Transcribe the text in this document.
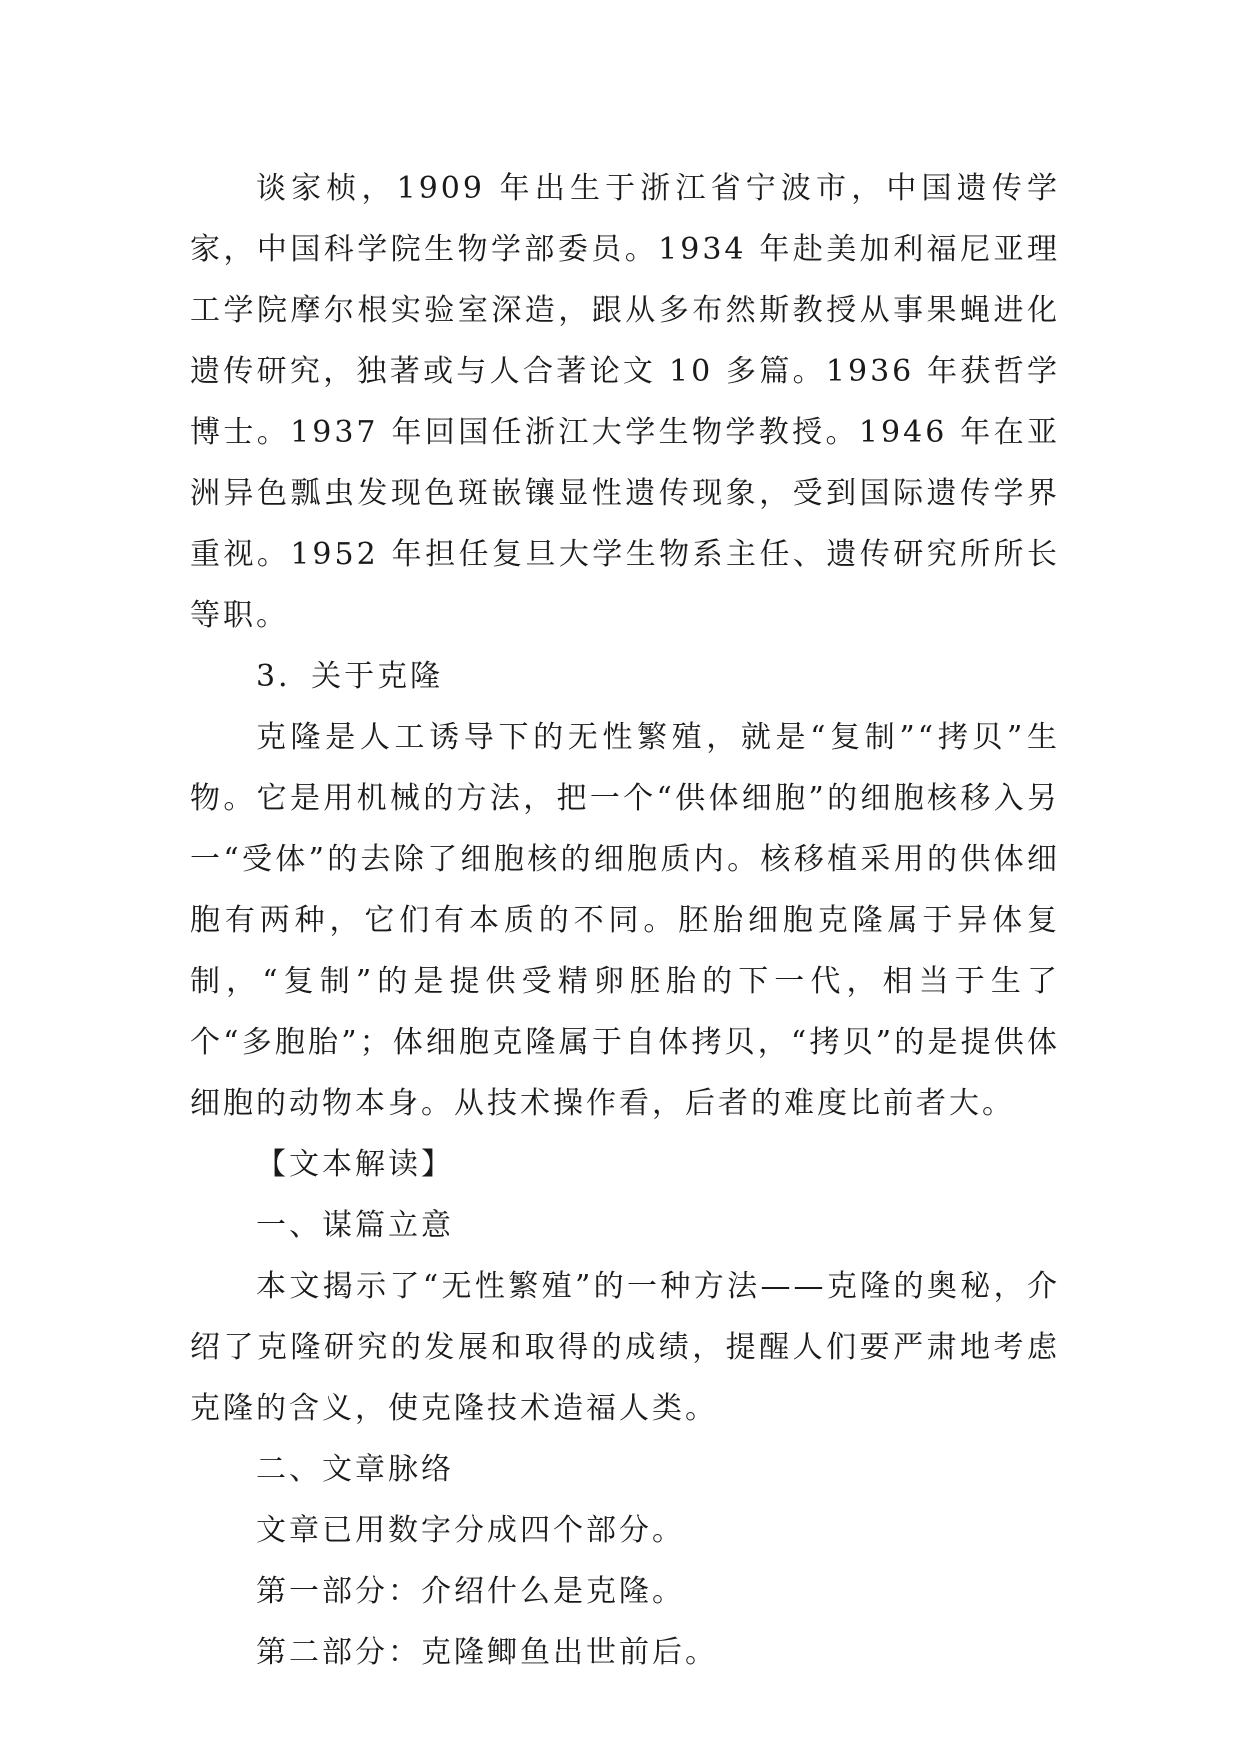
谈家桢，1909 年出生于浙江省宁波市，中国遗传学家，中国科学院生物学部委员。1934 年赴美加利福尼亚理工学院摩尔根实验室深造，跟从多布然斯教授从事果蝇进化遗传研究，独著或与人合著论文 10 多篇。1936 年获哲学博士。1937 年回国任浙江大学生物学教授。1946 年在亚洲异色瓢虫发现色斑嵌镶显性遗传现象，受到国际遗传学界重视。1952 年担任复旦大学生物系主任、遗传研究所所长等职。

3．关于克隆

克隆是人工诱导下的无性繁殖，就是“复制”“拷贝”生物。它是用机械的方法，把一个“供体细胞”的细胞核移入另一“受体”的去除了细胞核的细胞质内。核移植采用的供体细胞有两种，它们有本质的不同。胚胎细胞克隆属于异体复制，“复制”的是提供受精卵胚胎的下一代，相当于生了个“多胞胎”；体细胞克隆属于自体拷贝，“拷贝”的是提供体细胞的动物本身。从技术操作看，后者的难度比前者大。

【文本解读】

一、谋篇立意

本文揭示了“无性繁殖”的一种方法——克隆的奥秘，介绍了克隆研究的发展和取得的成绩，提醒人们要严肃地考虑克隆的含义，使克隆技术造福人类。

二、文章脉络

文章已用数字分成四个部分。

第一部分：介绍什么是克隆。

第二部分：克隆鲫鱼出世前后。
